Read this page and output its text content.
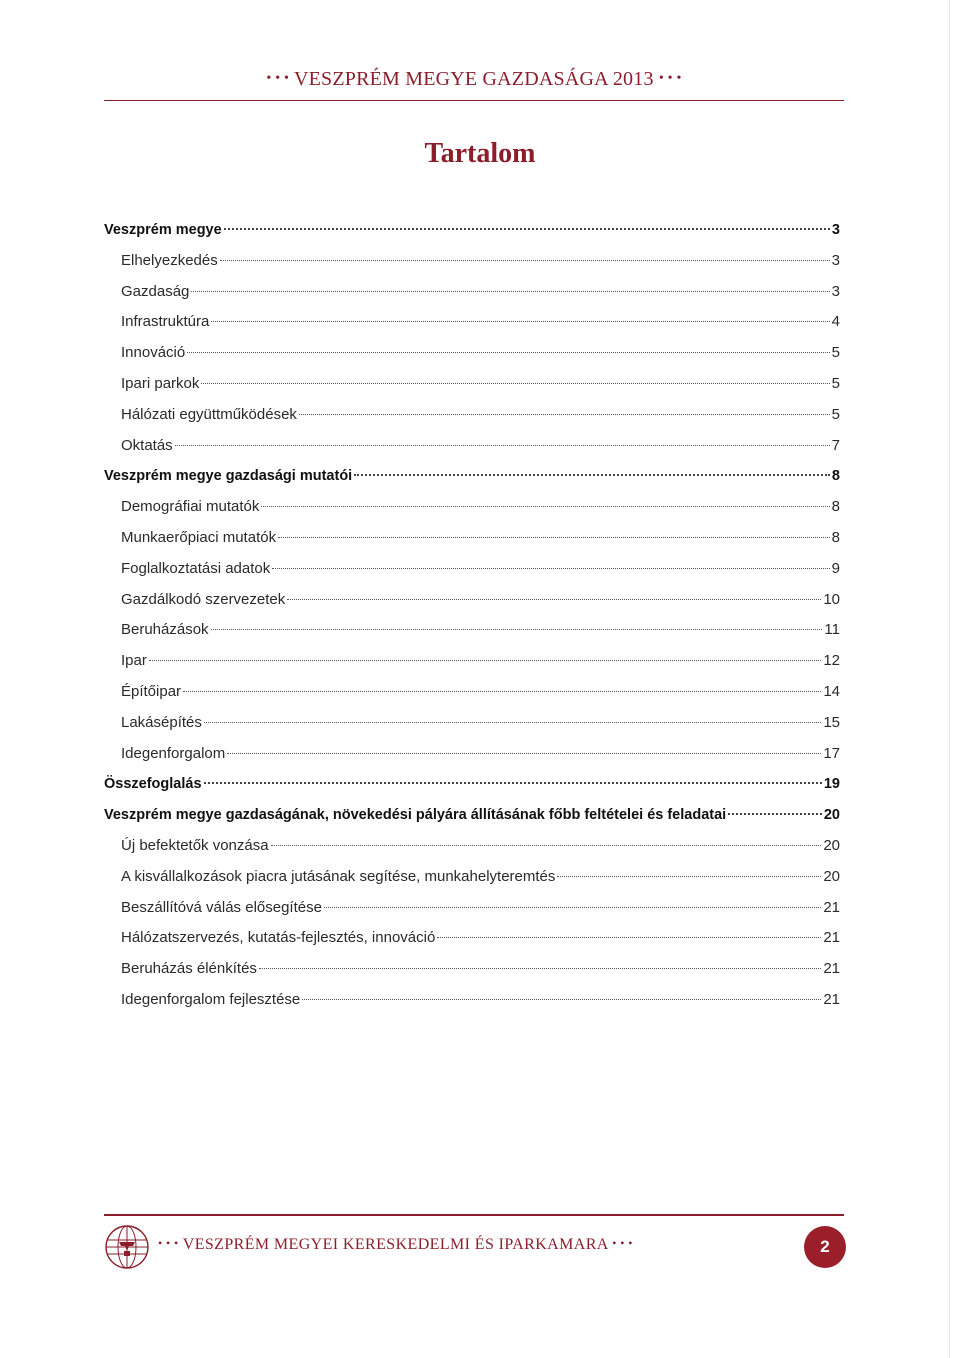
• • • VESZPRÉM MEGYE GAZDASÁGA 2013 • • •
Tartalom
Veszprém megye	3
Elhelyezkedés	3
Gazdaság	3
Infrastruktúra	4
Innováció	5
Ipari parkok	5
Hálózati együttműködések	5
Oktatás	7
Veszprém megye gazdasági mutatói	8
Demográfiai mutatók	8
Munkaerőpiaci mutatók	8
Foglalkoztatási adatok	9
Gazdálkodó szervezetek	10
Beruházások	11
Ipar	12
Építőipar	14
Lakásépítés	15
Idegenforgalom	17
Összefoglalás	19
Veszprém megye gazdaságának, növekedési pályára állításának főbb feltételei és feladatai	20
Új befektetők vonzása	20
A kisvállalkozások piacra jutásának segítése, munkahelyteremtés	20
Beszállítóvá válás elősegítése	21
Hálózatszervezés, kutatás-fejlesztés, innováció	21
Beruházás élénkítés	21
Idegenforgalom fejlesztése	21
• • • VESZPRÉM MEGYEI KERESKEDELMI ÉS IPARKAMARA • • •	2
